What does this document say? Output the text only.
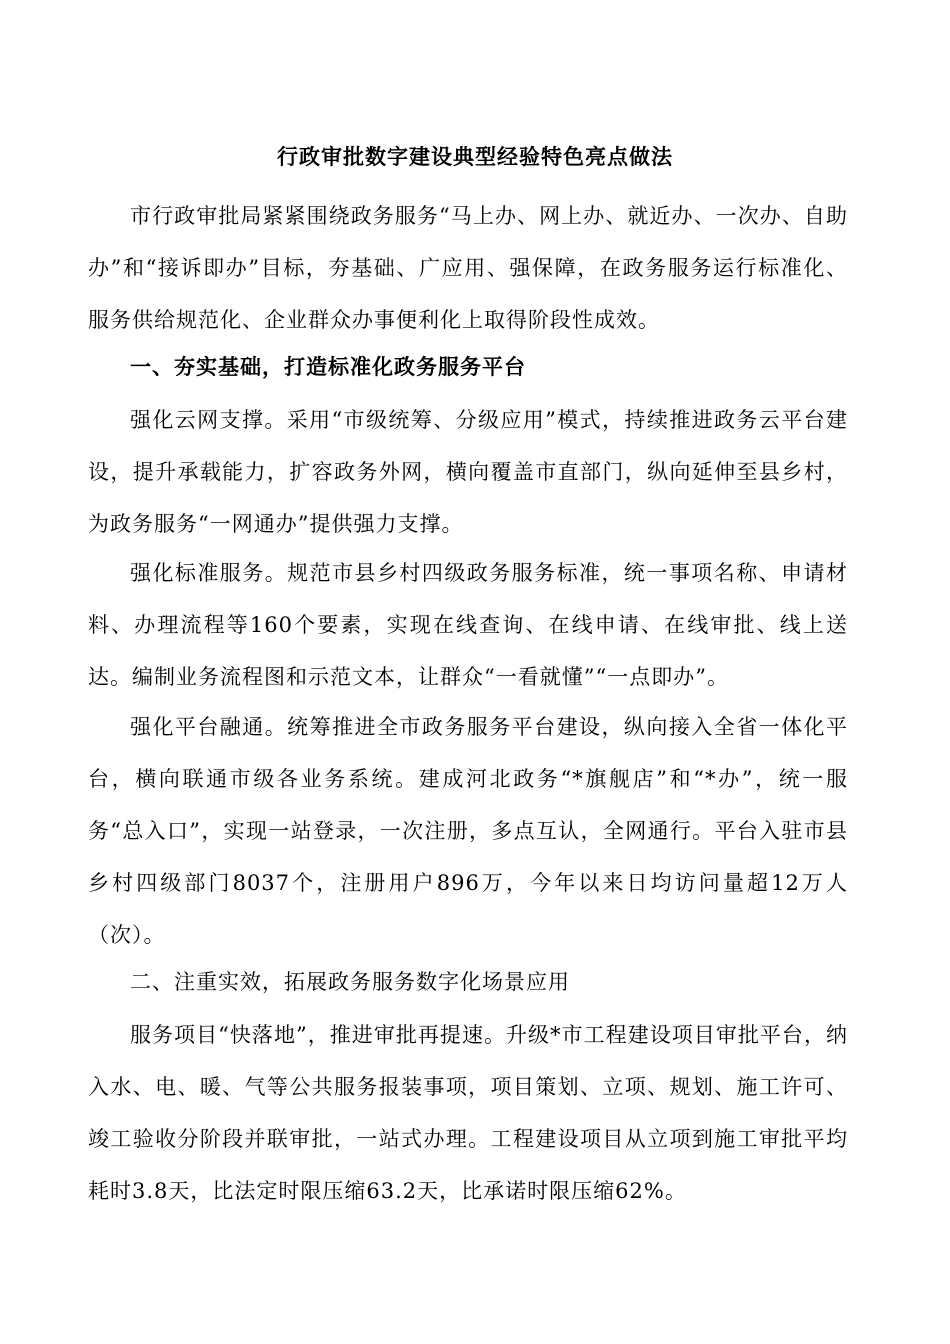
行政审批数字建设典型经验特色亮点做法
市行政审批局紧紧围绕政务服务“马上办、网上办、就近办、一次办、自助办”和“接诉即办”目标，夯基础、广应用、强保障，在政务服务运行标准化、服务供给规范化、企业群众办事便利化上取得阶段性成效。
一、夯实基础，打造标准化政务服务平台
强化云网支撑。采用“市级统筹、分级应用”模式，持续推进政务云平台建设，提升承载能力，扩容政务外网，横向覆盖市直部门，纵向延伸至县乡村，为政务服务“一网通办”提供强力支撑。
强化标准服务。规范市县乡村四级政务服务标准，统一事项名称、申请材料、办理流程等160个要素，实现在线查询、在线申请、在线审批、线上送达。编制业务流程图和示范文本，让群众“一看就懂”“一点即办”。
强化平台融通。统筹推进全市政务服务平台建设，纵向接入全省一体化平台，横向联通市级各业务系统。建成河北政务“*旗舰店”和“*办”，统一服务“总入口”，实现一站登录，一次注册，多点互认，全网通行。平台入驻市县乡村四级部门8037个，注册用户896万，今年以来日均访问量超12万人（次）。
二、注重实效，拓展政务服务数字化场景应用
服务项目“快落地”，推进审批再提速。升级*市工程建设项目审批平台，纳入水、电、暖、气等公共服务报装事项，项目策划、立项、规划、施工许可、竣工验收分阶段并联审批，一站式办理。工程建设项目从立项到施工审批平均耗时3.8天，比法定时限压缩63.2天，比承诺时限压缩62%。
